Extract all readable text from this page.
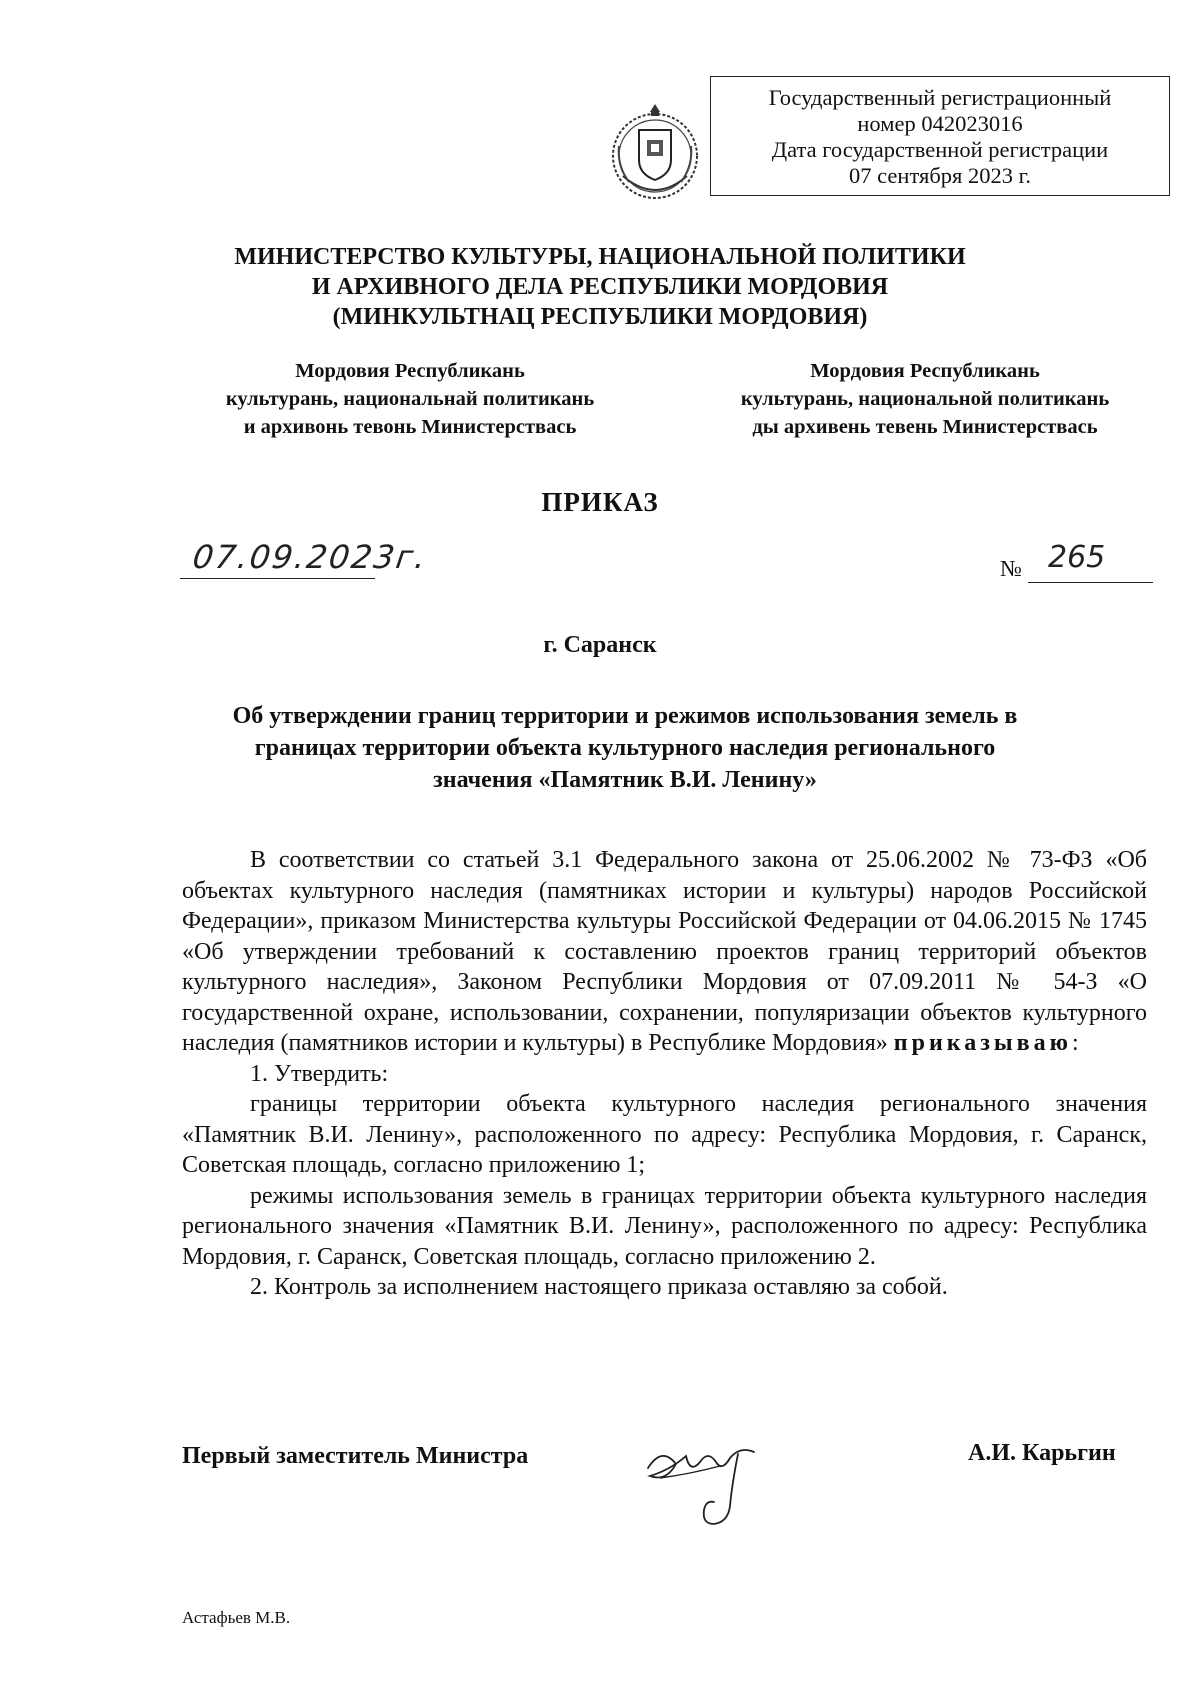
Государственный регистрационный
номер 042023016
Дата государственной регистрации
07 сентября 2023 г.
МИНИСТЕРСТВО КУЛЬТУРЫ, НАЦИОНАЛЬНОЙ ПОЛИТИКИ
И АРХИВНОГО ДЕЛА РЕСПУБЛИКИ МОРДОВИЯ
(МИНКУЛЬТНАЦ РЕСПУБЛИКИ МОРДОВИЯ)
Мордовия Республикань
культурань, национальнай политикань
и архивонь тевонь Министерствась
Мордовия Республикань
культурань, национальной политикань
ды архивень тевень Министерствась
ПРИКАЗ
07.09.2023г.	№ 265
г. Саранск
Об утверждении границ территории и режимов использования земель в
границах территории объекта культурного наследия регионального
значения «Памятник В.И. Ленину»

В соответствии со статьей 3.1 Федерального закона от 25.06.2002 № 73-ФЗ «Об объектах культурного наследия (памятниках истории и культуры) народов Российской Федерации», приказом Министерства культуры Российской Федерации от 04.06.2015 № 1745 «Об утверждении требований к составлению проектов границ территорий объектов культурного наследия», Законом Республики Мордовия от 07.09.2011 № 54-З «О государственной охране, использовании, сохранении, популяризации объектов культурного наследия (памятников истории и культуры) в Республике Мордовия» приказываю:

1. Утвердить:

границы территории объекта культурного наследия регионального значения «Памятник В.И. Ленину», расположенного по адресу: Республика Мордовия, г. Саранск, Советская площадь, согласно приложению 1;

режимы использования земель в границах территории объекта культурного наследия регионального значения «Памятник В.И. Ленину», расположенного по адресу: Республика Мордовия, г. Саранск, Советская площадь, согласно приложению 2.

2. Контроль за исполнением настоящего приказа оставляю за собой.

Первый заместитель Министра	А.И. Карьгин
Астафьев М.В.
